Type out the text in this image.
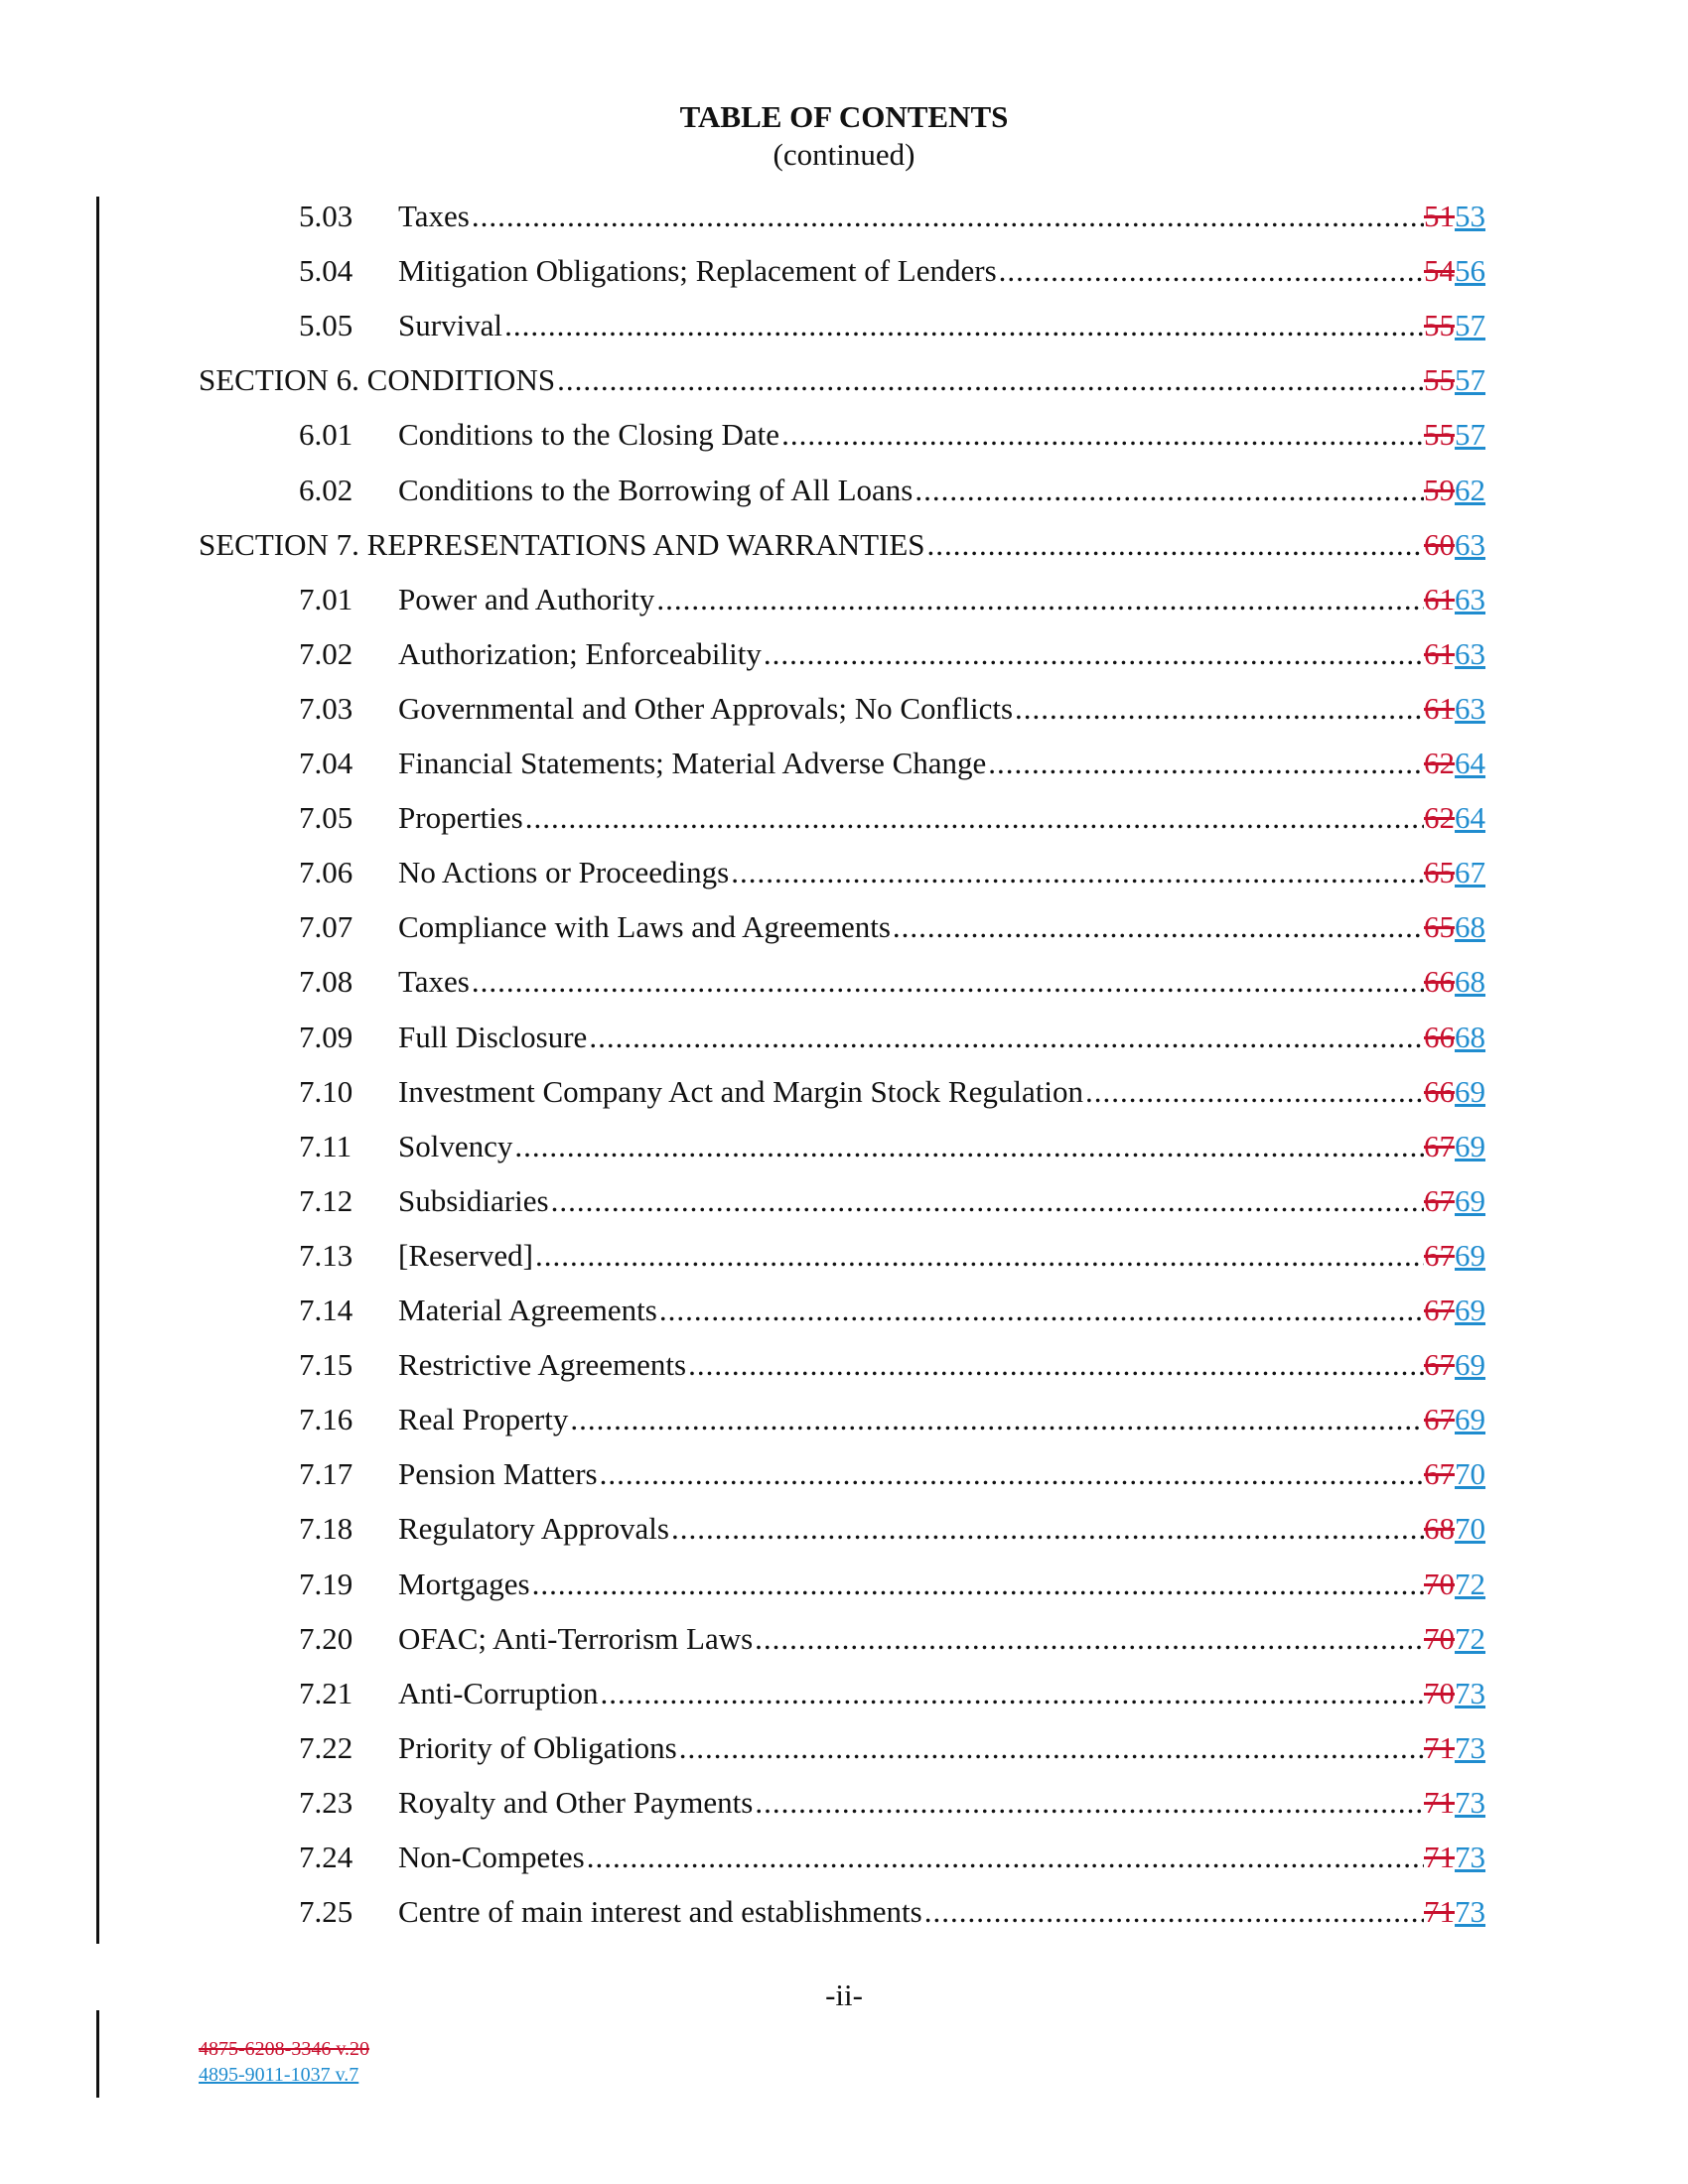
TABLE OF CONTENTS
(continued)
5.03	Taxes .....	5153
5.04	Mitigation Obligations; Replacement of Lenders .....	5456
5.05	Survival .....	5557
SECTION 6. CONDITIONS .....	5557
6.01	Conditions to the Closing Date .....	5557
6.02	Conditions to the Borrowing of All Loans .....	5962
SECTION 7. REPRESENTATIONS AND WARRANTIES .....	6063
7.01	Power and Authority .....	6163
7.02	Authorization; Enforceability .....	6163
7.03	Governmental and Other Approvals; No Conflicts .....	6163
7.04	Financial Statements; Material Adverse Change .....	6264
7.05	Properties .....	6264
7.06	No Actions or Proceedings .....	6567
7.07	Compliance with Laws and Agreements .....	6568
7.08	Taxes .....	6668
7.09	Full Disclosure .....	6668
7.10	Investment Company Act and Margin Stock Regulation .....	6669
7.11	Solvency .....	6769
7.12	Subsidiaries .....	6769
7.13	[Reserved] .....	6769
7.14	Material Agreements .....	6769
7.15	Restrictive Agreements .....	6769
7.16	Real Property .....	6769
7.17	Pension Matters .....	6770
7.18	Regulatory Approvals .....	6870
7.19	Mortgages .....	7072
7.20	OFAC; Anti-Terrorism Laws .....	7072
7.21	Anti-Corruption .....	7073
7.22	Priority of Obligations .....	7173
7.23	Royalty and Other Payments .....	7173
7.24	Non-Competes .....	7173
7.25	Centre of main interest and establishments .....	7173
-ii-
4875-6208-3346 v.20
4895-9011-1037 v.7
